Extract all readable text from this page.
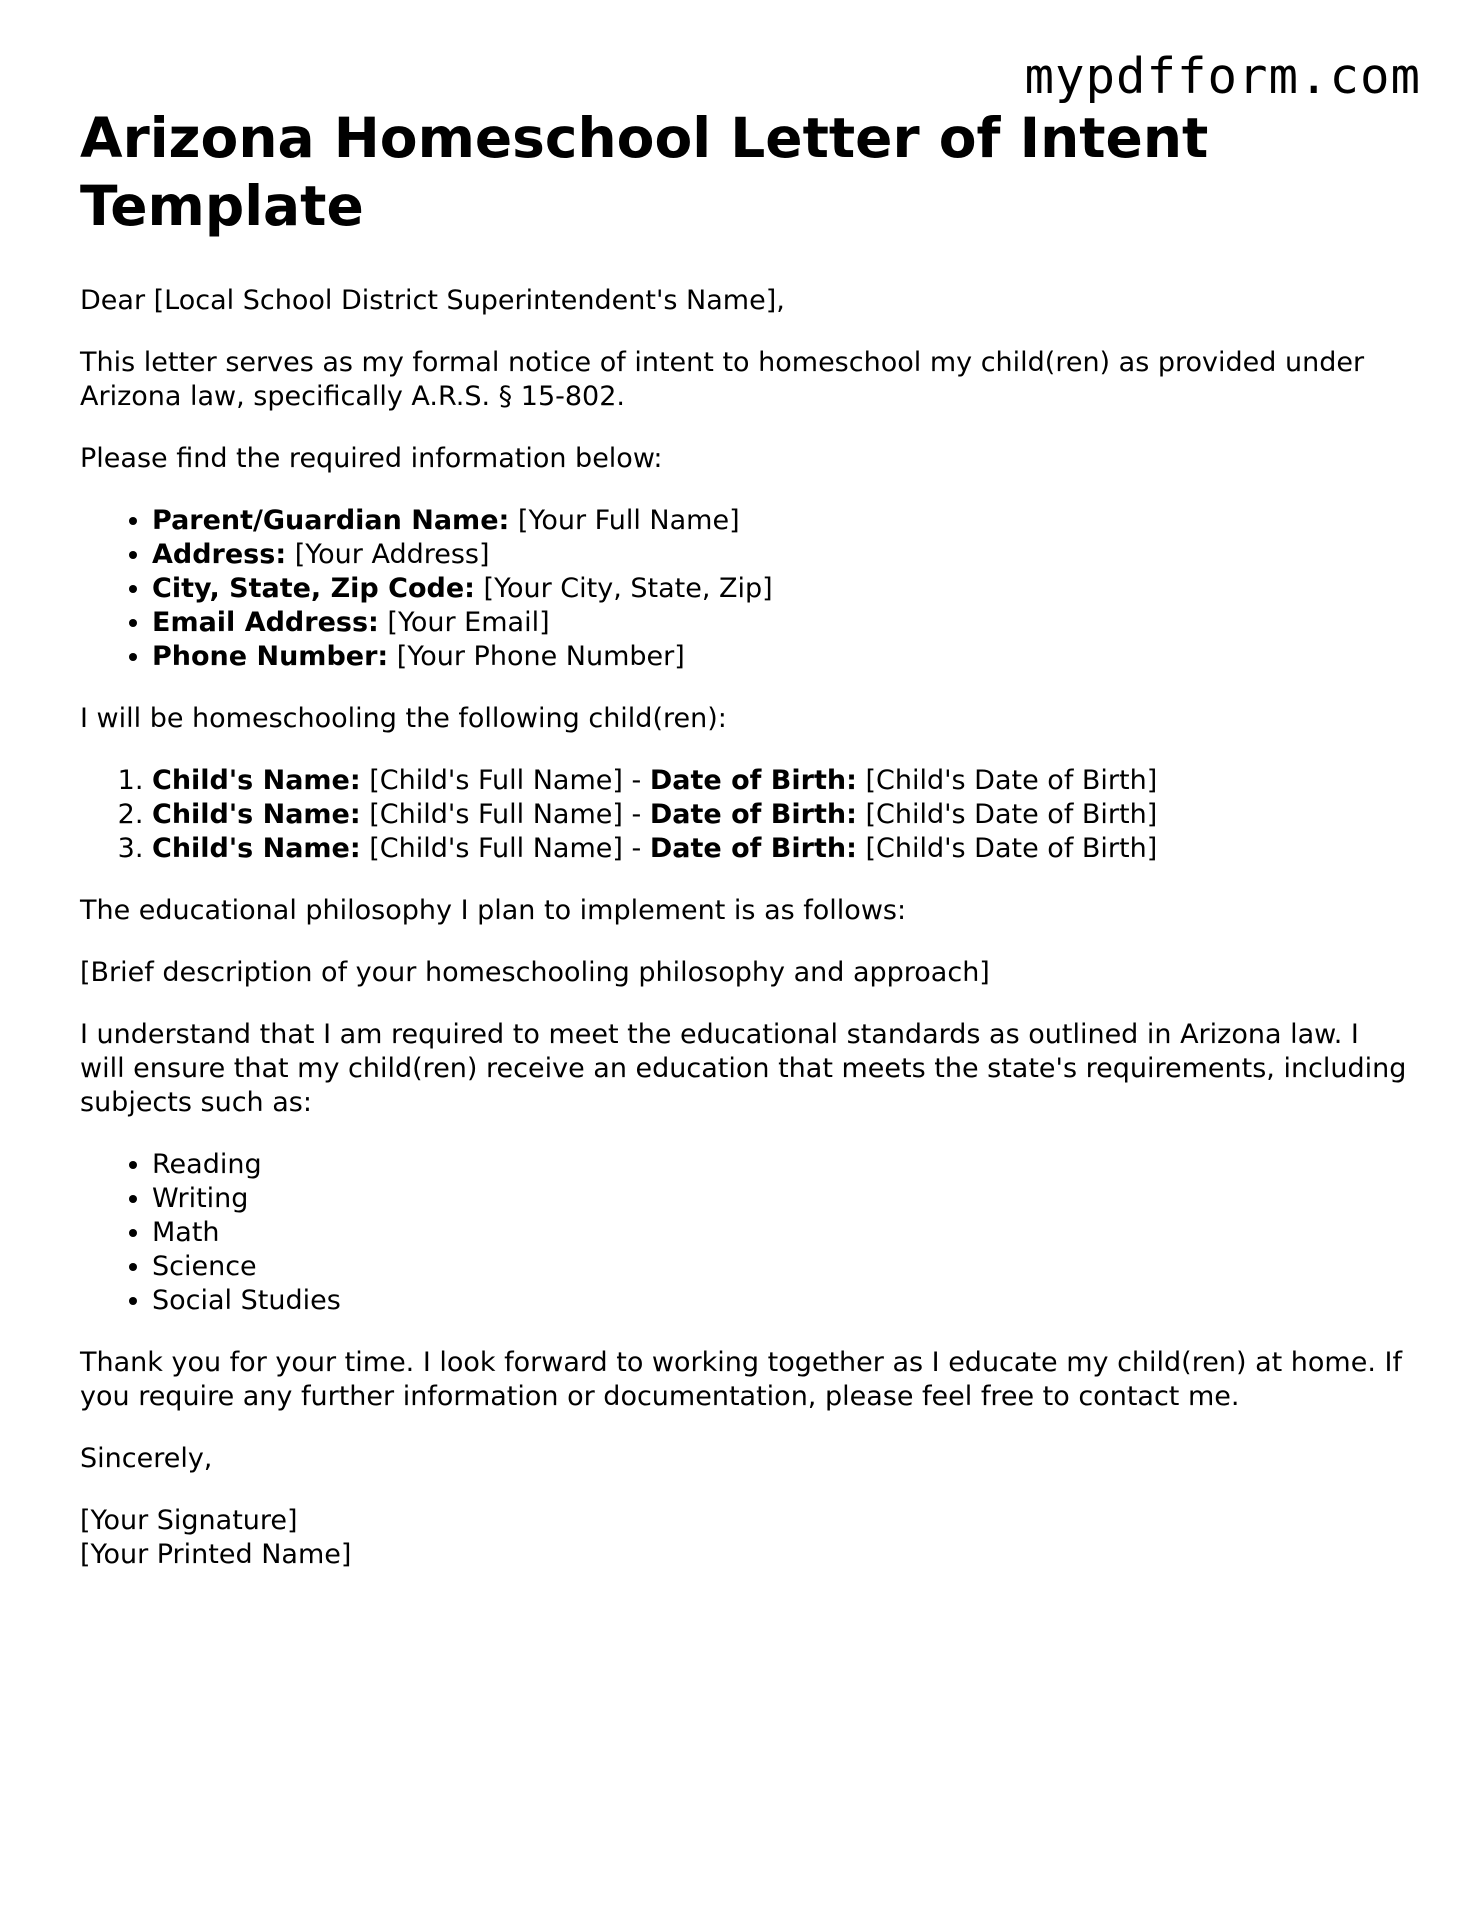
mypdfform.com
Arizona Homeschool Letter of Intent Template

Dear [Local School District Superintendent's Name],

This letter serves as my formal notice of intent to homeschool my child(ren) as provided under Arizona law, specifically A.R.S. § 15-802.

Please find the required information below:

• Parent/Guardian Name: [Your Full Name]
• Address: [Your Address]
• City, State, Zip Code: [Your City, State, Zip]
• Email Address: [Your Email]
• Phone Number: [Your Phone Number]

I will be homeschooling the following child(ren):

1. Child's Name: [Child's Full Name] - Date of Birth: [Child's Date of Birth]
2. Child's Name: [Child's Full Name] - Date of Birth: [Child's Date of Birth]
3. Child's Name: [Child's Full Name] - Date of Birth: [Child's Date of Birth]

The educational philosophy I plan to implement is as follows:

[Brief description of your homeschooling philosophy and approach]

I understand that I am required to meet the educational standards as outlined in Arizona law. I will ensure that my child(ren) receive an education that meets the state's requirements, including subjects such as:

• Reading
• Writing
• Math
• Science
• Social Studies

Thank you for your time. I look forward to working together as I educate my child(ren) at home. If you require any further information or documentation, please feel free to contact me.

Sincerely,

[Your Signature]

[Your Printed Name]
